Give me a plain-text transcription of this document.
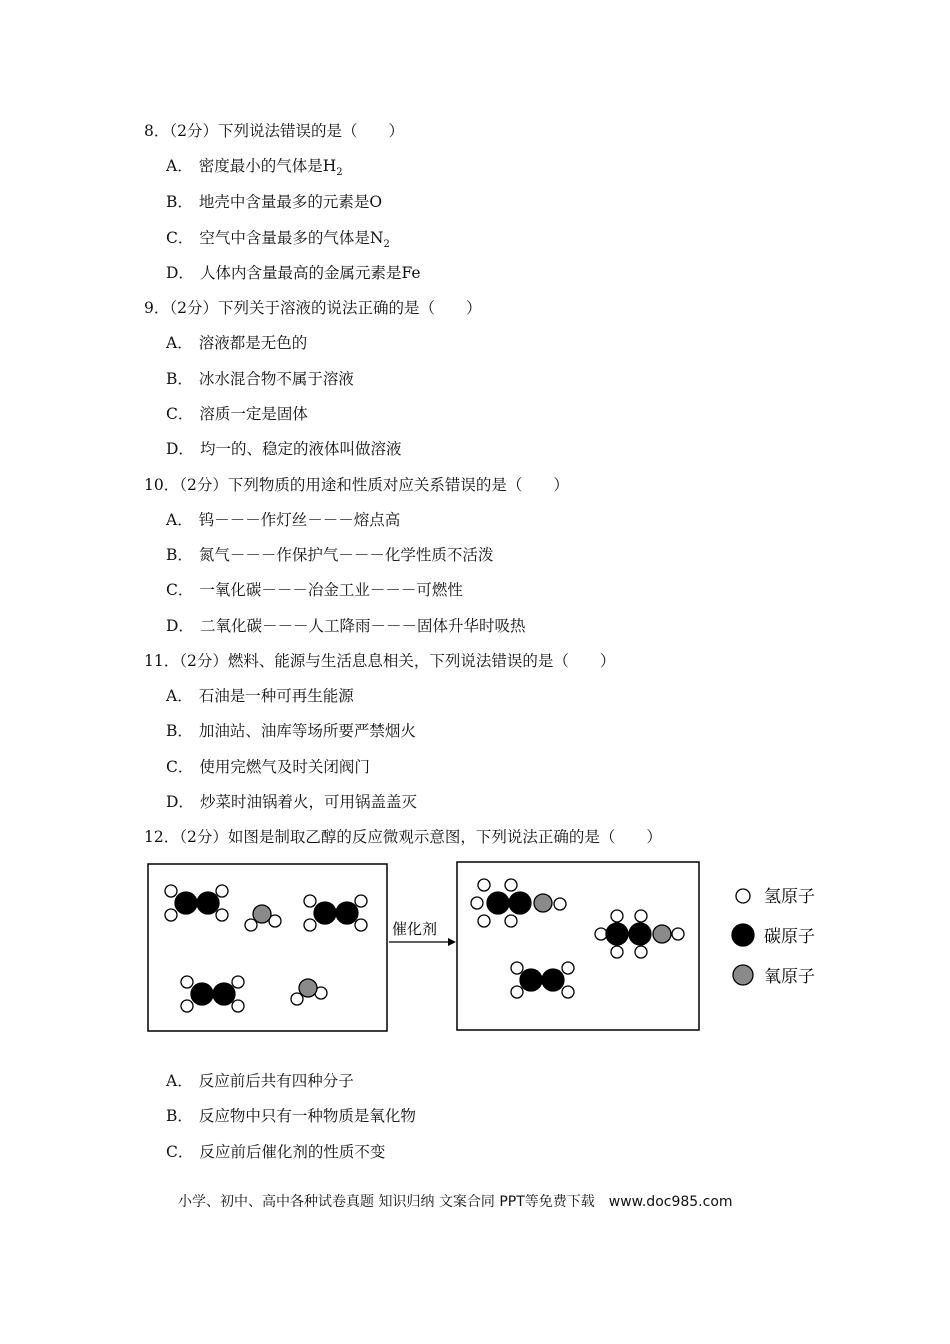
8．（2分）下列说法错误的是（　　）
A． 密度最小的气体是$H_2$
B． 地壳中含量最多的元素是O
C． 空气中含量最多的气体是$N_2$
D． 人体内含量最高的金属元素是Fe
9．（2分）下列关于溶液的说法正确的是（　　）
A． 溶液都是无色的
B． 冰水混合物不属于溶液
C． 溶质一定是固体
D． 均一的、稳定的液体叫做溶液
10．（2分）下列物质的用途和性质对应关系错误的是（　　）
A． 钨－－－作灯丝－－－熔点高
B． 氮气－－－作保护气－－－化学性质不活泼
C． 一氧化碳－－－冶金工业－－－可燃性
D． 二氧化碳－－－人工降雨－－－固体升华时吸热
11．（2分）燃料、能源与生活息息相关，下列说法错误的是（　　）
A． 石油是一种可再生能源
B． 加油站、油库等场所要严禁烟火
C． 使用完燃气及时关闭阀门
D． 炒菜时油锅着火，可用锅盖盖灭
12．（2分）如图是制取乙醇的反应微观示意图，下列说法正确的是（　　）
催化剂
氢原子
碳原子
氧原子
A． 反应前后共有四种分子
B． 反应物中只有一种物质是氧化物
C． 反应前后催化剂的性质不变
小学、初中、高中各种试卷真题 知识归纳 文案合同 PPT等免费下载　www.doc985.com
